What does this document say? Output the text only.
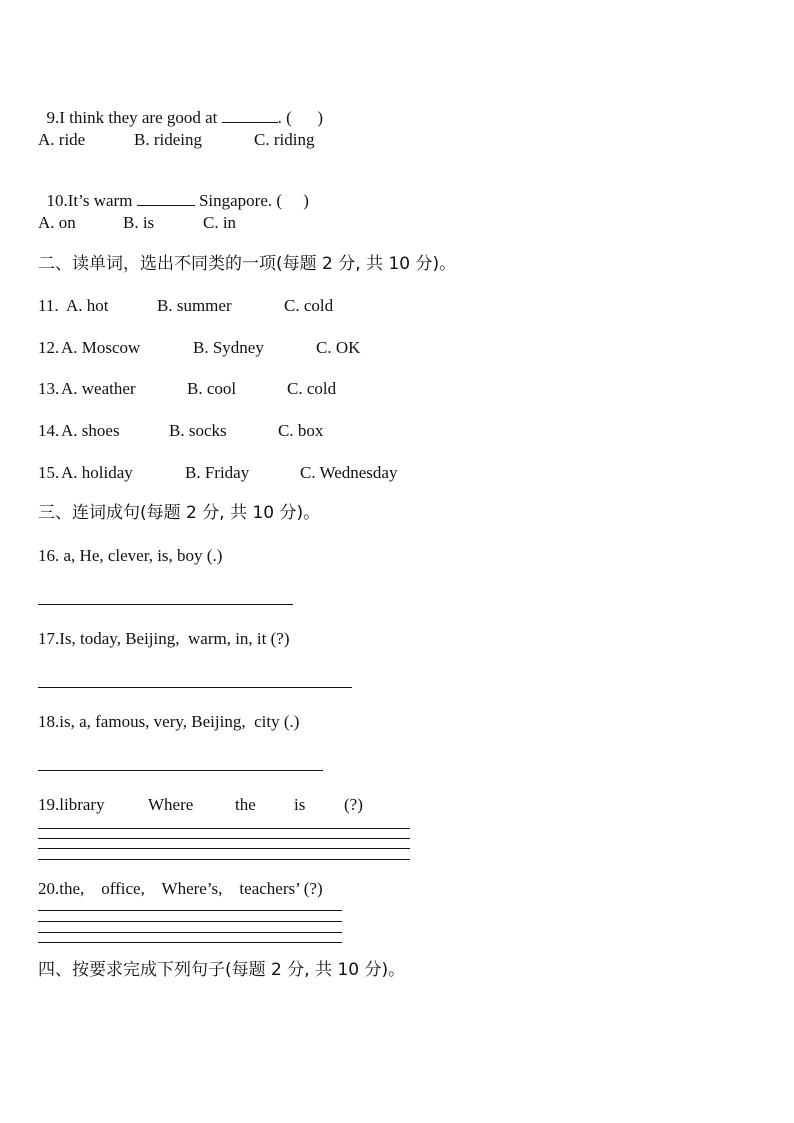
9.I think they are good at	. (      )

A. ride	B. rideing	C. riding

10.It’s warm	Singapore. (     )

A. on	B. is	C. in
二、读单词，选出不同类的一项(每题 2 分, 共 10 分)。
11. A. hot	B. summer	C. cold
12. A. Moscow	B. Sydney	C. OK
13. A. weather	B. cool	C. cold
14. A. shoes	B. socks	C. box
15. A. holiday	B. Friday	C. Wednesday
三、连词成句(每题 2 分, 共 10 分)。
16. a, He, clever, is, boy (.)
17.Is, today, Beijing,  warm, in, it (?)
18.is, a, famous, very, Beijing,  city (.)
19.library	Where the is (?)
20.the,    office,    Where’s,    teachers’ (?)
四、按要求完成下列句子(每题 2 分, 共 10 分)。
